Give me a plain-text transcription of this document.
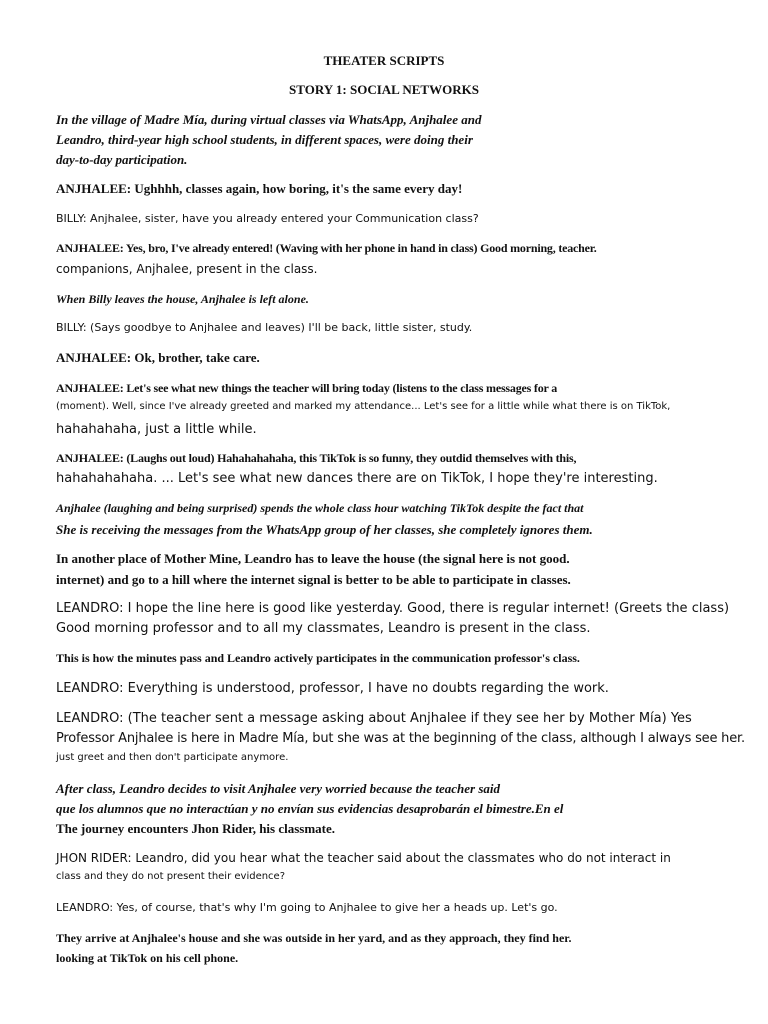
THEATER SCRIPTS

STORY 1: SOCIAL NETWORKS

In the village of Madre Mía, during virtual classes via WhatsApp, Anjhalee and

Leandro, third-year high school students, in different spaces, were doing their

day-to-day participation.

ANJHALEE: Ughhhh, classes again, how boring, it's the same every day!

BILLY: Anjhalee, sister, have you already entered your Communication class?

ANJHALEE: Yes, bro, I've already entered! (Waving with her phone in hand in class) Good morning, teacher.

companions, Anjhalee, present in the class.

When Billy leaves the house, Anjhalee is left alone.

BILLY: (Says goodbye to Anjhalee and leaves) I'll be back, little sister, study.

ANJHALEE: Ok, brother, take care.

ANJHALEE: Let's see what new things the teacher will bring today (listens to the class messages for a

(moment). Well, since I've already greeted and marked my attendance... Let's see for a little while what there is on TikTok,

hahahahaha, just a little while.

ANJHALEE: (Laughs out loud) Hahahahahaha, this TikTok is so funny, they outdid themselves with this,

hahahahahaha. ... Let's see what new dances there are on TikTok, I hope they're interesting.

Anjhalee (laughing and being surprised) spends the whole class hour watching TikTok despite the fact that

She is receiving the messages from the WhatsApp group of her classes, she completely ignores them.

In another place of Mother Mine, Leandro has to leave the house (the signal here is not good.

internet) and go to a hill where the internet signal is better to be able to participate in classes.

LEANDRO: I hope the line here is good like yesterday. Good, there is regular internet! (Greets the class)

Good morning professor and to all my classmates, Leandro is present in the class.

This is how the minutes pass and Leandro actively participates in the communication professor's class.

LEANDRO: Everything is understood, professor, I have no doubts regarding the work.

LEANDRO: (The teacher sent a message asking about Anjhalee if they see her by Mother Mía) Yes

Professor Anjhalee is here in Madre Mía, but she was at the beginning of the class, although I always see her.

just greet and then don't participate anymore.

After class, Leandro decides to visit Anjhalee very worried because the teacher said

que los alumnos que no interactúan y no envían sus evidencias desaprobarán el bimestre.En el

The journey encounters Jhon Rider, his classmate.

JHON RIDER: Leandro, did you hear what the teacher said about the classmates who do not interact in

class and they do not present their evidence?

LEANDRO: Yes, of course, that's why I'm going to Anjhalee to give her a heads up. Let's go.

They arrive at Anjhalee's house and she was outside in her yard, and as they approach, they find her.

looking at TikTok on his cell phone.
